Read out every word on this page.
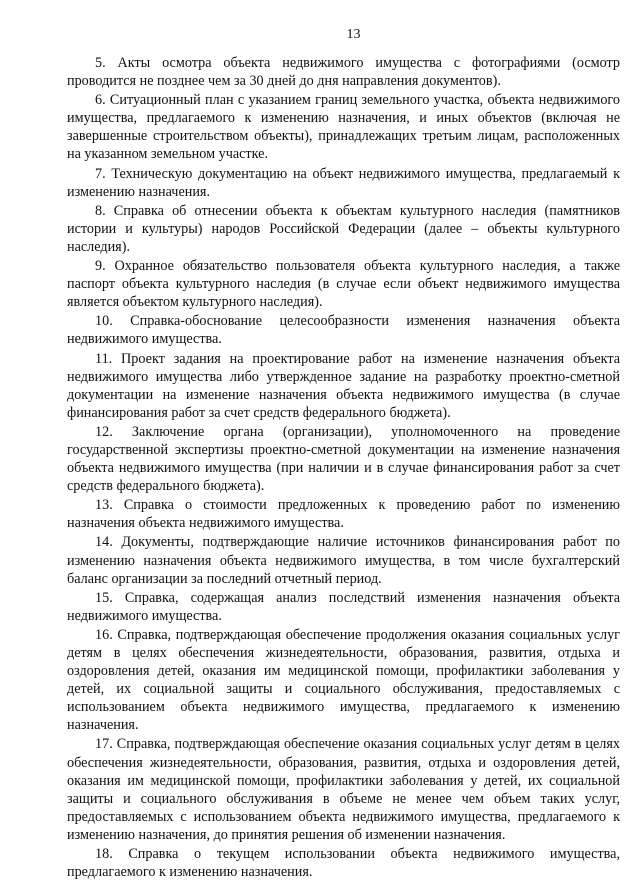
13

5. Акты осмотра объекта недвижимого имущества с фотографиями (осмотр проводится не позднее чем за 30 дней до дня направления документов).

6. Ситуационный план с указанием границ земельного участка, объекта недвижимого имущества, предлагаемого к изменению назначения, и иных объектов (включая не завершенные строительством объекты), принадлежащих третьим лицам, расположенных на указанном земельном участке.

7. Техническую документацию на объект недвижимого имущества, предлагаемый к изменению назначения.

8. Справка об отнесении объекта к объектам культурного наследия (памятников истории и культуры) народов Российской Федерации (далее – объекты культурного наследия).

9. Охранное обязательство пользователя объекта культурного наследия, а также паспорт объекта культурного наследия (в случае если объект недвижимого имущества является объектом культурного наследия).

10. Справка-обоснование целесообразности изменения назначения объекта недвижимого имущества.

11. Проект задания на проектирование работ на изменение назначения объекта недвижимого имущества либо утвержденное задание на разработку проектно-сметной документации на изменение назначения объекта недвижимого имущества (в случае финансирования работ за счет средств федерального бюджета).

12. Заключение органа (организации), уполномоченного на проведение государственной экспертизы проектно-сметной документации на изменение назначения объекта недвижимого имущества (при наличии и в случае финансирования работ за счет средств федерального бюджета).

13. Справка о стоимости предложенных к проведению работ по изменению назначения объекта недвижимого имущества.

14. Документы, подтверждающие наличие источников финансирования работ по изменению назначения объекта недвижимого имущества, в том числе бухгалтерский баланс организации за последний отчетный период.

15. Справка, содержащая анализ последствий изменения назначения объекта недвижимого имущества.

16. Справка, подтверждающая обеспечение продолжения оказания социальных услуг детям в целях обеспечения жизнедеятельности, образования, развития, отдыха и оздоровления детей, оказания им медицинской помощи, профилактики заболевания у детей, их социальной защиты и социального обслуживания, предоставляемых с использованием объекта недвижимого имущества, предлагаемого к изменению назначения.

17. Справка, подтверждающая обеспечение оказания социальных услуг детям в целях обеспечения жизнедеятельности, образования, развития, отдыха и оздоровления детей, оказания им медицинской помощи, профилактики заболевания у детей, их социальной защиты и социального обслуживания в объеме не менее чем объем таких услуг, предоставляемых с использованием объекта недвижимого имущества, предлагаемого к изменению назначения, до принятия решения об изменении назначения.

18. Справка о текущем использовании объекта недвижимого имущества, предлагаемого к изменению назначения.
